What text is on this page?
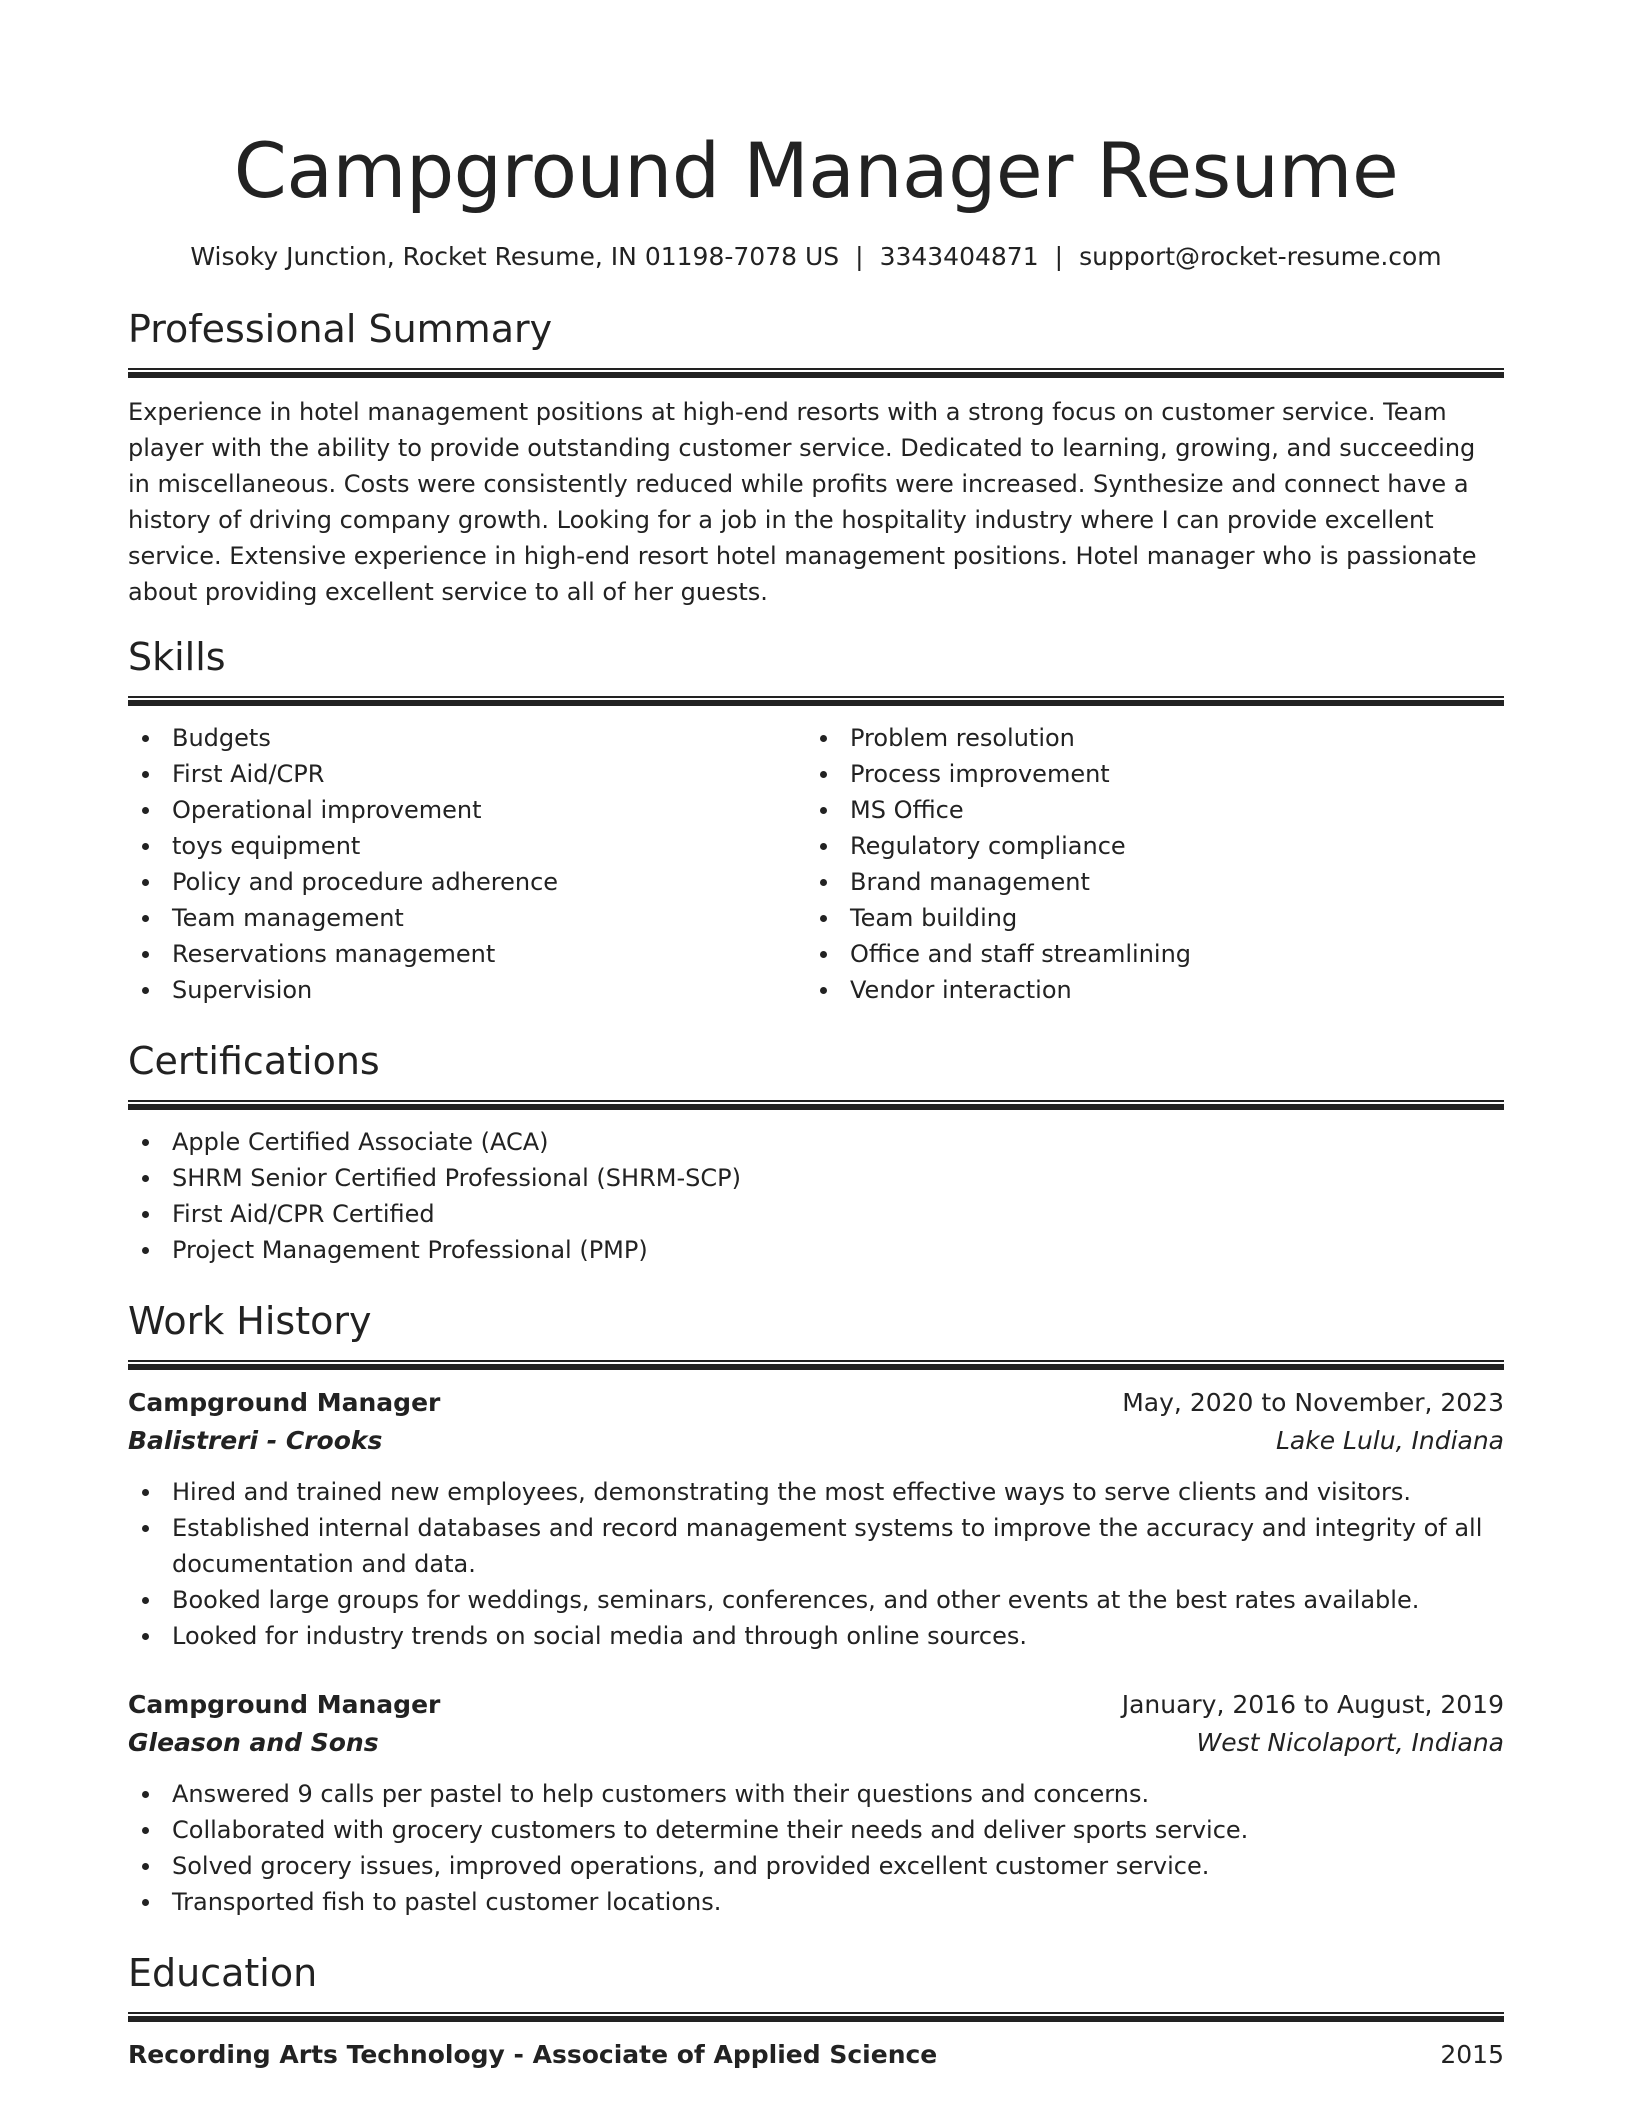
Campground Manager Resume
Wisoky Junction, Rocket Resume, IN 01198-7078 US | 3343404871 | support@rocket-resume.com
Professional Summary
Experience in hotel management positions at high-end resorts with a strong focus on customer service. Team player with the ability to provide outstanding customer service. Dedicated to learning, growing, and succeeding in miscellaneous. Costs were consistently reduced while profits were increased. Synthesize and connect have a history of driving company growth. Looking for a job in the hospitality industry where I can provide excellent service. Extensive experience in high-end resort hotel management positions. Hotel manager who is passionate about providing excellent service to all of her guests.
Skills
Budgets
First Aid/CPR
Operational improvement
toys equipment
Policy and procedure adherence
Team management
Reservations management
Supervision
Problem resolution
Process improvement
MS Office
Regulatory compliance
Brand management
Team building
Office and staff streamlining
Vendor interaction
Certifications
Apple Certified Associate (ACA)
SHRM Senior Certified Professional (SHRM-SCP)
First Aid/CPR Certified
Project Management Professional (PMP)
Work History
Campground Manager	May, 2020 to November, 2023
Balistreri - Crooks	Lake Lulu, Indiana
Hired and trained new employees, demonstrating the most effective ways to serve clients and visitors.
Established internal databases and record management systems to improve the accuracy and integrity of all documentation and data.
Booked large groups for weddings, seminars, conferences, and other events at the best rates available.
Looked for industry trends on social media and through online sources.
Campground Manager	January, 2016 to August, 2019
Gleason and Sons	West Nicolaport, Indiana
Answered 9 calls per pastel to help customers with their questions and concerns.
Collaborated with grocery customers to determine their needs and deliver sports service.
Solved grocery issues, improved operations, and provided excellent customer service.
Transported fish to pastel customer locations.
Education
Recording Arts Technology - Associate of Applied Science	2015
